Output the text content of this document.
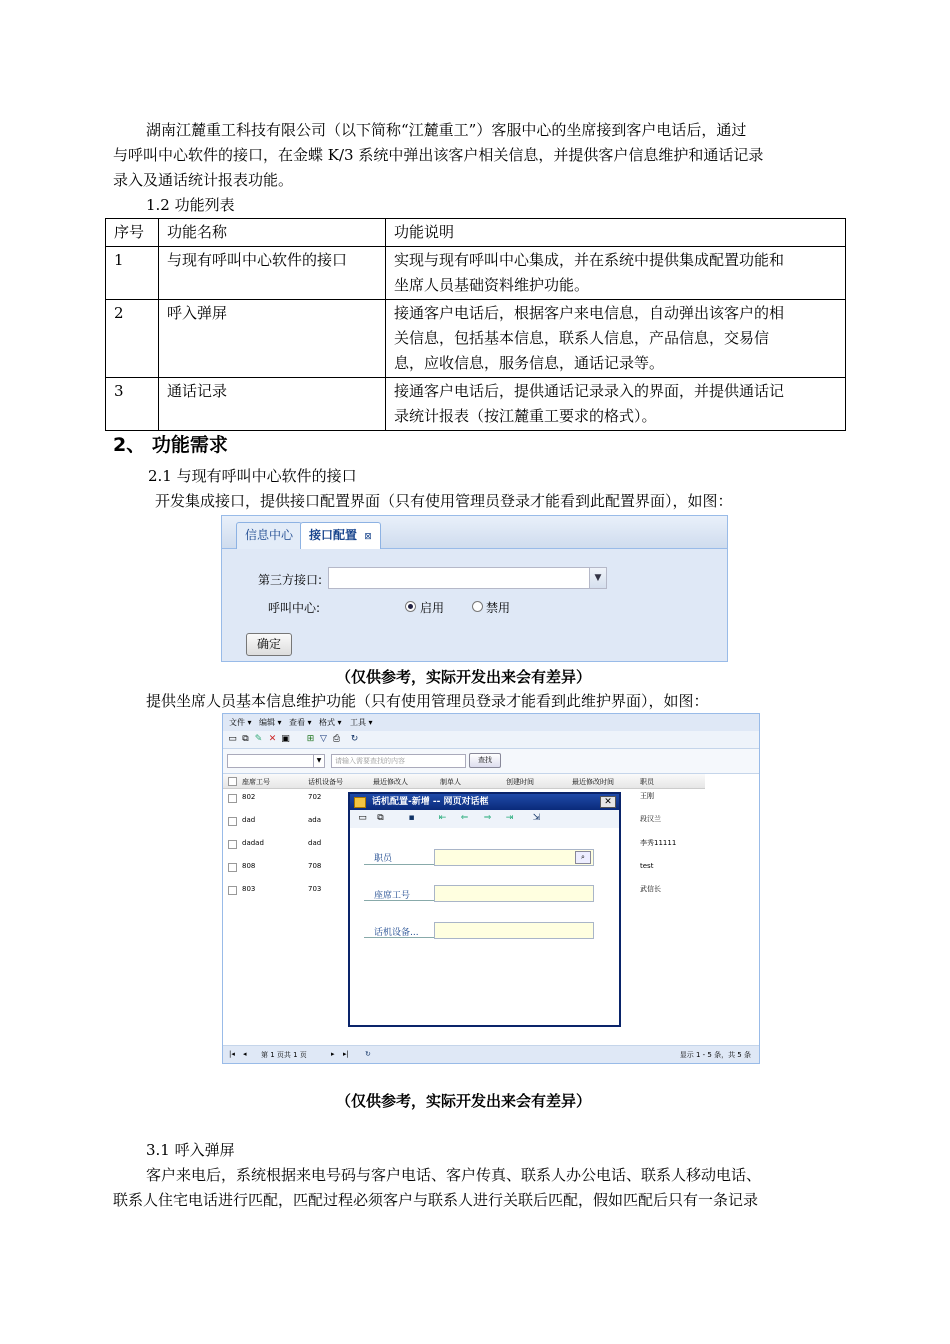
湖南江麓重工科技有限公司（以下简称“江麓重工”）客服中心的坐席接到客户电话后，通过
与呼叫中心软件的接口，在金蝶 K/3 系统中弹出该客户相关信息，并提供客户信息维护和通话记录
录入及通话统计报表功能。
1.2 功能列表
序号	功能名称	功能说明
1	与现有呼叫中心软件的接口	实现与现有呼叫中心集成，并在系统中提供集成配置功能和
坐席人员基础资料维护功能。

2	呼入弹屏	接通客户电话后，根据客户来电信息，自动弹出该客户的相
关信息，包括基本信息，联系人信息，产品信息，交易信
息，应收信息，服务信息，通话记录等。

3	通话记录	接通客户电话后，提供通话记录录入的界面，并提供通话记
录统计报表（按江麓重工要求的格式）。
2、 功能需求
2.1 与现有呼叫中心软件的接口
开发集成接口，提供接口配置界面（只有使用管理员登录才能看到此配置界面），如图：
信息中心	接口配置 ⊠
第三方接口:	▼
呼叫中心:	启用	禁用
确定
（仅供参考，实际开发出来会有差异）
提供坐席人员基本信息维护功能（只有使用管理员登录才能看到此维护界面），如图：
文件 ▾ 编辑 ▾ 查看 ▾ 格式 ▾ 工具 ▾
▭ ⧉ ✎ ✕ ▣ ⊞ ▽ ⎙ ↻
▼	请输入需要查找的内容	查找
座席工号	话机设备号	最近修改人	制单人	创建时间	最近修改时间	职员
802	702	王刚
dad	ada	段汉兰
dadad	dad	李秀11111
808	708	test
803	703	武信长
话机配置-新增 -- 网页对话框	✕
▭ ⧉	▪	⇤ ⇐ ⇒ ⇥ ⇲
职员	⌕
座席工号
话机设备...
|◂ ◂ 第 1 页共 1 页	▸ ▸| ↻	显示 1 - 5 条，共 5 条
（仅供参考，实际开发出来会有差异）
3.1 呼入弹屏
客户来电后，系统根据来电号码与客户电话、客户传真、联系人办公电话、联系人移动电话、
联系人住宅电话进行匹配，匹配过程必须客户与联系人进行关联后匹配，假如匹配后只有一条记录
